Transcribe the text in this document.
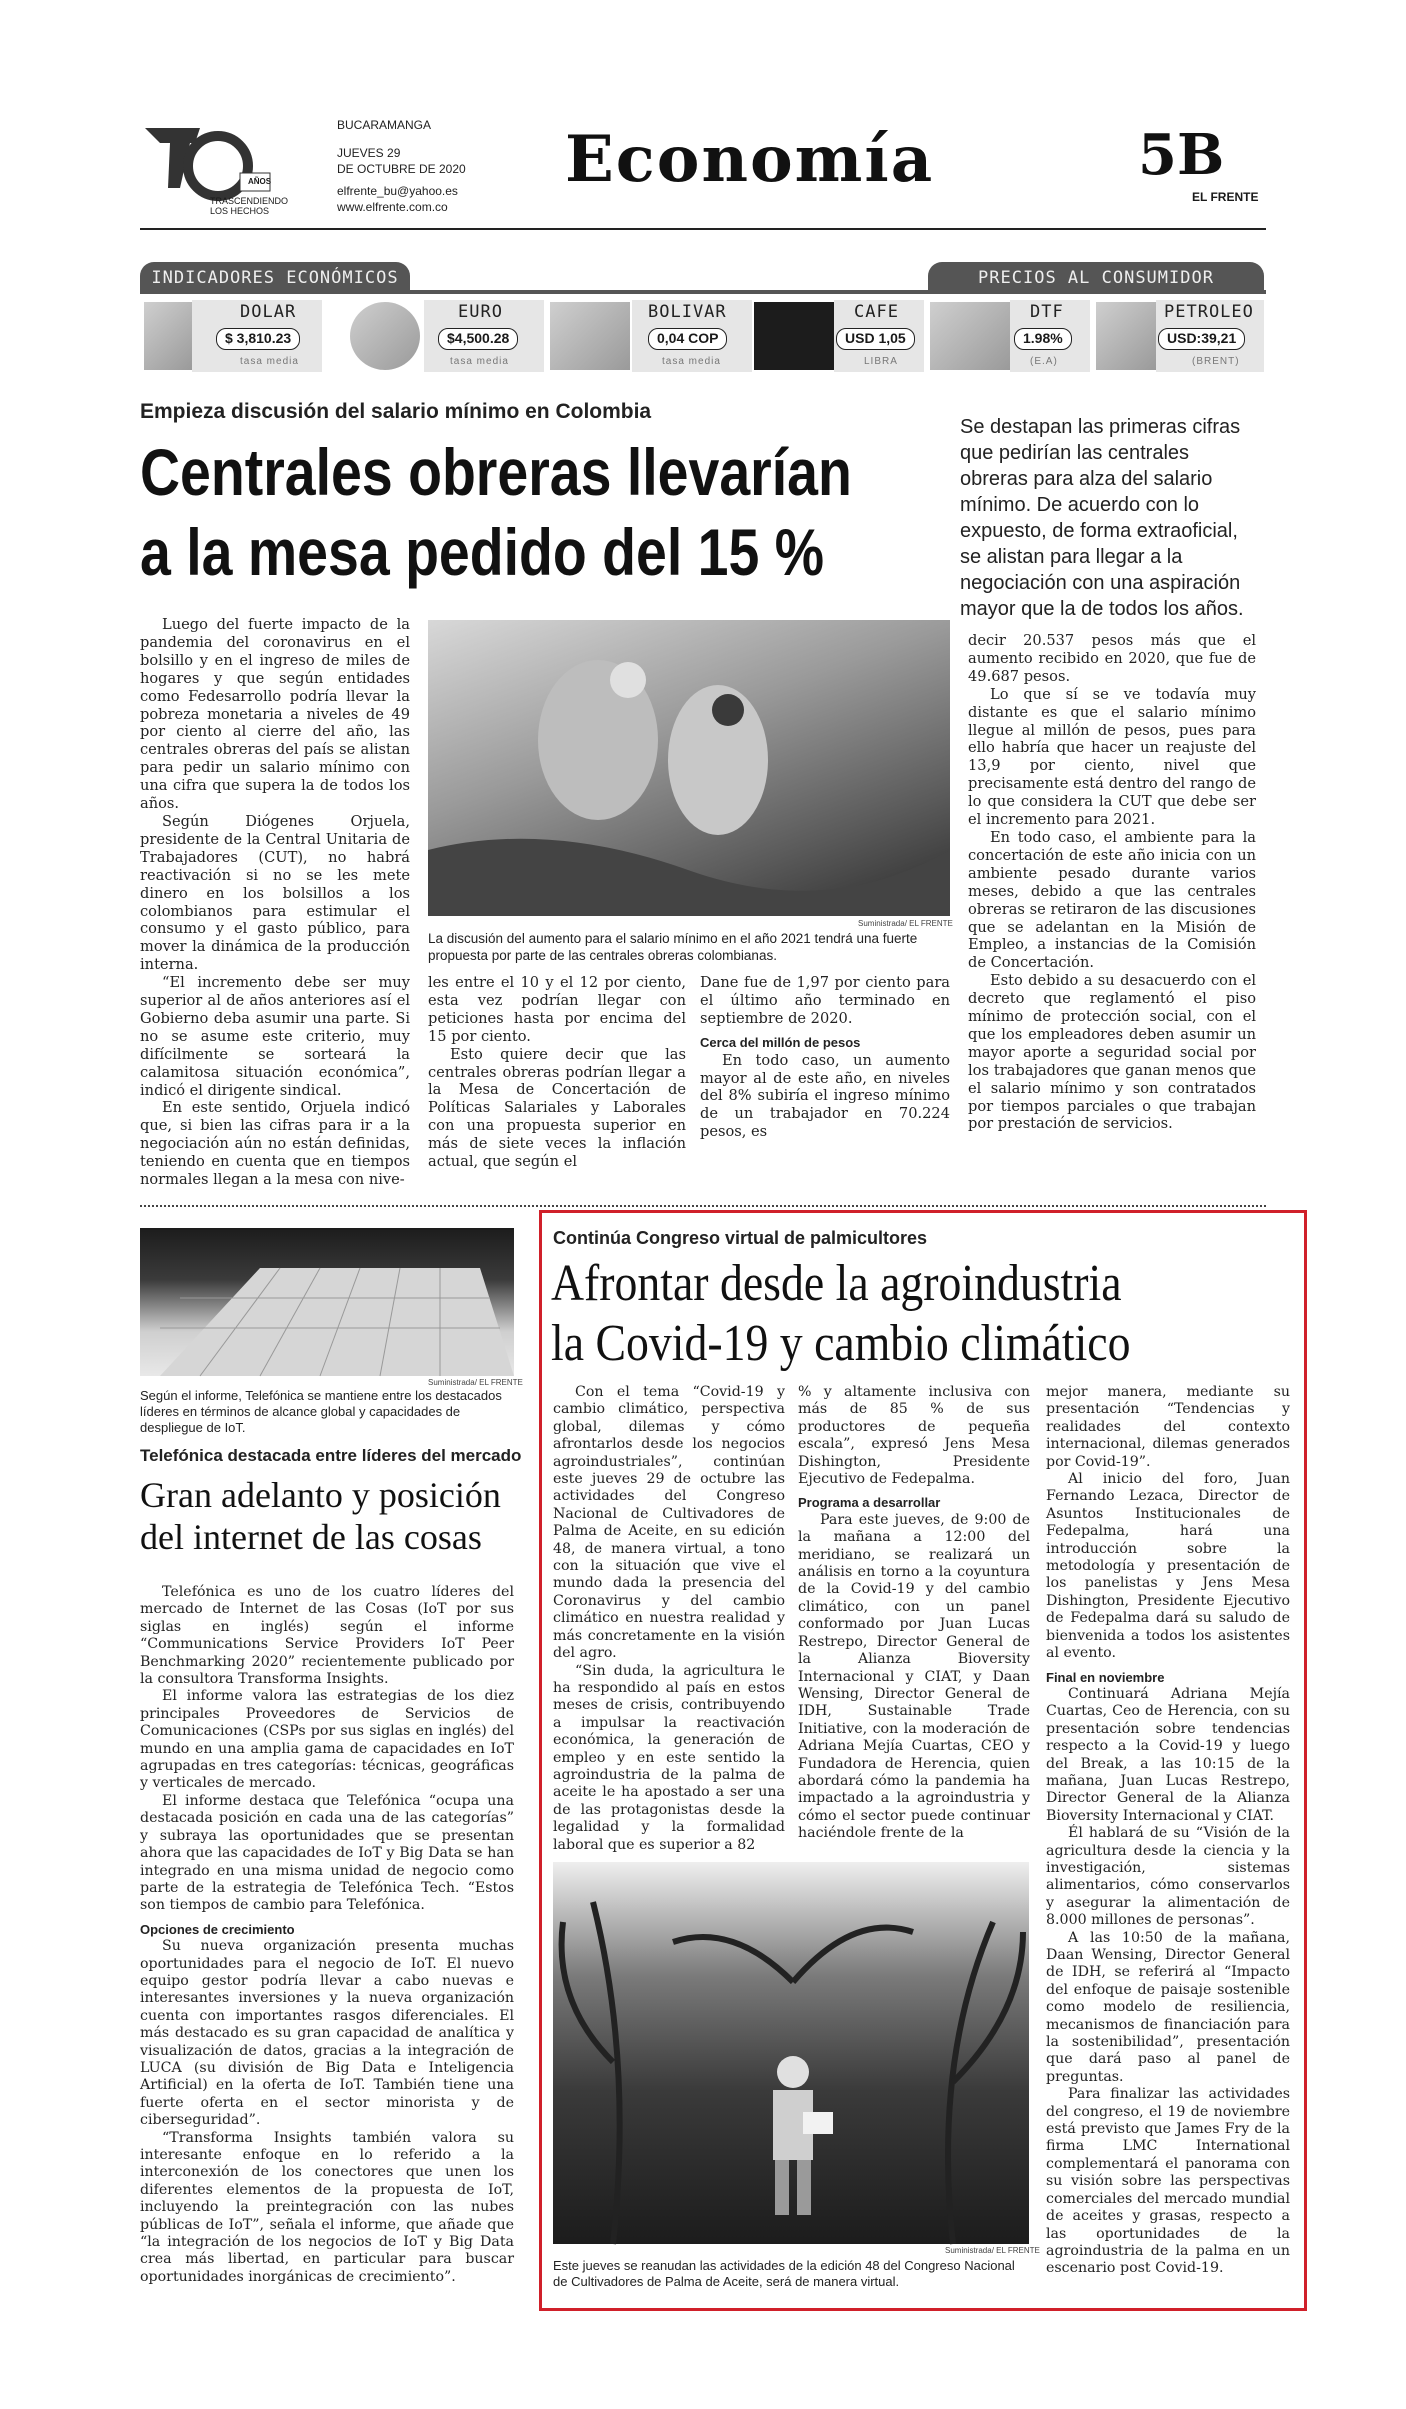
AÑOS
TRASCENDIENDO
LOS HECHOS
BUCARAMANGA
JUEVES 29
DE OCTUBRE DE 2020
elfrente_bu@yahoo.es
www.elfrente.com.co
Economía	5B
EL FRENTE
INDICADORES ECONÓMICOS	PRECIOS AL CONSUMIDOR
DOLAR
$ 3,810.23
tasa media
EURO
$4,500.28
tasa media
BOLIVAR
0,04 COP
tasa media
CAFE
USD 1,05
LIBRA
DTF
1.98%
(E.A)
PETROLEO
USD:39,21
(BRENT)
Empieza discusión del salario mínimo en Colombia
Centrales obreras llevarían
a la mesa pedido del 15 %
Se destapan las primeras cifras que pedirían las centrales obreras para alza del salario mínimo. De acuerdo con lo expuesto, de forma extraoficial, se alistan para llegar a la negociación con una aspiración mayor que la de todos los años.

Luego del fuerte impacto de la pandemia del coronavirus en el bolsillo y en el ingreso de miles de hogares y que según entidades como Fedesarrollo podría llevar la pobreza monetaria a niveles de 49 por ciento al cierre del año, las centrales obreras del país se alistan para pedir un salario mínimo con una cifra que supera la de todos los años.

Según Diógenes Orjuela, presidente de la Central Unitaria de Trabajadores (CUT), no habrá reactivación si no se les mete dinero en los bolsillos a los colombianos para estimular el consumo y el gasto público, para mover la dinámica de la producción interna.

“El incremento debe ser muy superior al de años anteriores así el Gobierno deba asumir una parte. Si no se asume este criterio, muy difícilmente se sorteará la calamitosa situación económica”, indicó el dirigente sindical.

En este sentido, Orjuela indicó que, si bien las cifras para ir a la negociación aún no están definidas, teniendo en cuenta que en tiempos normales llegan a la mesa con nive-

Suministrada/ EL FRENTE
La discusión del aumento para el salario mínimo en el año 2021 tendrá una fuerte propuesta por parte de las centrales obreras colombianas.

les entre el 10 y el 12 por ciento, esta vez podrían llegar con peticiones hasta por encima del 15 por ciento.

Esto quiere decir que las centrales obreras podrían llegar a la Mesa de Concertación de Políticas Salariales y Laborales con una propuesta superior en más de siete veces la inflación actual, que según el

Dane fue de 1,97 por ciento para el último año terminado en septiembre de 2020.

Cerca del millón de pesos

En todo caso, un aumento mayor al de este año, en niveles del 8% subiría el ingreso mínimo de un trabajador en 70.224 pesos, es

decir 20.537 pesos más que el aumento recibido en 2020, que fue de 49.687 pesos.

Lo que sí se ve todavía muy distante es que el salario mínimo llegue al millón de pesos, pues para ello habría que hacer un reajuste del 13,9 por ciento, nivel que precisamente está dentro del rango de lo que considera la CUT que debe ser el incremento para 2021.

En todo caso, el ambiente para la concertación de este año inicia con un ambiente pesado durante varios meses, debido a que las centrales obreras se retiraron de las discusiones que se adelantan en la Misión de Empleo, a instancias de la Comisión de Concertación.

Esto debido a su desacuerdo con el decreto que reglamentó el piso mínimo de protección social, con el que los empleadores deben asumir un mayor aporte a seguridad social por los trabajadores que ganan menos que el salario mínimo y son contratados por tiempos parciales o que trabajan por prestación de servicios.

Suministrada/ EL FRENTE
Según el informe, Telefónica se mantiene entre los destacados líderes en términos de alcance global y capacidades de despliegue de IoT.
Telefónica destacada entre líderes del mercado
Gran adelanto y posición
del internet de las cosas

Telefónica es uno de los cuatro líderes del mercado de Internet de las Cosas (IoT por sus siglas en inglés) según el informe “Communications Service Providers IoT Peer Benchmarking 2020” recientemente publicado por la consultora Transforma Insights.

El informe valora las estrategias de los diez principales Proveedores de Servicios de Comunicaciones (CSPs por sus siglas en inglés) del mundo en una amplia gama de capacidades en IoT agrupadas en tres categorías: técnicas, geográficas y verticales de mercado.

El informe destaca que Telefónica “ocupa una destacada posición en cada una de las categorías” y subraya las oportunidades que se presentan ahora que las capacidades de IoT y Big Data se han integrado en una misma unidad de negocio como parte de la estrategia de Telefónica Tech. “Estos son tiempos de cambio para Telefónica.

Opciones de crecimiento

Su nueva organización presenta muchas oportunidades para el negocio de IoT. El nuevo equipo gestor podría llevar a cabo nuevas e interesantes inversiones y la nueva organización cuenta con importantes rasgos diferenciales. El más destacado es su gran capacidad de analítica y visualización de datos, gracias a la integración de LUCA (su división de Big Data e Inteligencia Artificial) en la oferta de IoT. También tiene una fuerte oferta en el sector minorista y de ciberseguridad”.

“Transforma Insights también valora su interesante enfoque en lo referido a la interconexión de los conectores que unen los diferentes elementos de la propuesta de IoT, incluyendo la preintegración con las nubes públicas de IoT”, señala el informe, que añade que “la integración de los negocios de IoT y Big Data crea más libertad, en particular para buscar oportunidades inorgánicas de crecimiento”.

Continúa Congreso virtual de palmicultores
Afrontar desde la agroindustria
la Covid-19 y cambio climático

Con el tema “Covid-19 y cambio climático, perspectiva global, dilemas y cómo afrontarlos desde los negocios agroindustriales”, continúan este jueves 29 de octubre las actividades del Congreso Nacional de Cultivadores de Palma de Aceite, en su edición 48, de manera virtual, a tono con la situación que vive el mundo dada la presencia del Coronavirus y del cambio climático en nuestra realidad y más concretamente en la visión del agro.

“Sin duda, la agricultura le ha respondido al país en estos meses de crisis, contribuyendo a impulsar la reactivación económica, la generación de empleo y en este sentido la agroindustria de la palma de aceite le ha apostado a ser una de las protagonistas desde la legalidad y la formalidad laboral que es superior a 82

% y altamente inclusiva con más de 85 % de sus productores de pequeña escala”, expresó Jens Mesa Dishington, Presidente Ejecutivo de Fedepalma.

Programa a desarrollar

Para este jueves, de 9:00 de la mañana a 12:00 del meridiano, se realizará un análisis en torno a la coyuntura de la Covid-19 y del cambio climático, con un panel conformado por Juan Lucas Restrepo, Director General de la Alianza Bioversity Internacional y CIAT, y Daan Wensing, Director General de IDH, Sustainable Trade Initiative, con la moderación de Adriana Mejía Cuartas, CEO y Fundadora de Herencia, quien abordará cómo la pandemia ha impactado a la agroindustria y cómo el sector puede continuar haciéndole frente de la

Suministrada/ EL FRENTE
Este jueves se reanudan las actividades de la edición 48 del Congreso Nacional de Cultivadores de Palma de Aceite, será de manera virtual.

mejor manera, mediante su presentación “Tendencias y realidades del contexto internacional, dilemas generados por Covid-19”.

Al inicio del foro, Juan Fernando Lezaca, Director de Asuntos Institucionales de Fedepalma, hará una introducción sobre la metodología y presentación de los panelistas y Jens Mesa Dishington, Presidente Ejecutivo de Fedepalma dará su saludo de bienvenida a todos los asistentes al evento.

Final en noviembre

Continuará Adriana Mejía Cuartas, Ceo de Herencia, con su presentación sobre tendencias respecto a la Covid-19 y luego del Break, a las 10:15 de la mañana, Juan Lucas Restrepo, Director General de la Alianza Bioversity Internacional y CIAT.

Él hablará de su “Visión de la agricultura desde la ciencia y la investigación, sistemas alimentarios, cómo conservarlos y asegurar la alimentación de 8.000 millones de personas”.

A las 10:50 de la mañana, Daan Wensing, Director General de IDH, se referirá al “Impacto del enfoque de paisaje sostenible como modelo de resiliencia, mecanismos de financiación para la sostenibilidad”, presentación que dará paso al panel de preguntas.

Para finalizar las actividades del congreso, el 19 de noviembre está previsto que James Fry de la firma LMC International complementará el panorama con su visión sobre las perspectivas comerciales del mercado mundial de aceites y grasas, respecto a las oportunidades de la agroindustria de la palma en un escenario post Covid-19.
